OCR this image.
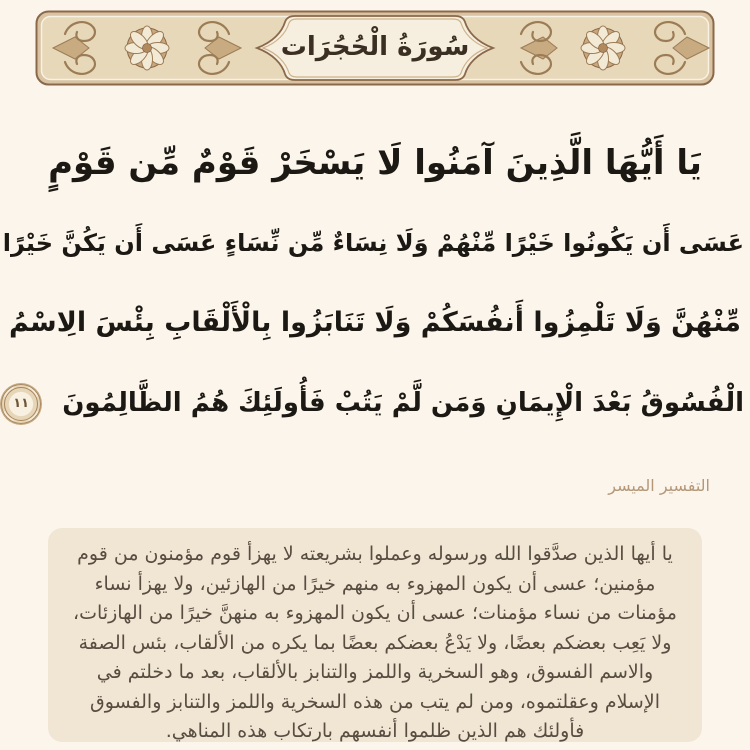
سُورَةُ الْحُجُرَات
يَا أَيُّهَا الَّذِينَ آمَنُوا لَا يَسْخَرْ قَوْمٌ مِّن قَوْمٍ
عَسَى أَن يَكُونُوا خَيْرًا مِّنْهُمْ وَلَا نِسَاءٌ مِّن نِّسَاءٍ عَسَى أَن يَكُنَّ خَيْرًا
مِّنْهُنَّ وَلَا تَلْمِزُوا أَنفُسَكُمْ وَلَا تَنَابَزُوا بِالْأَلْقَابِ بِئْسَ الِاسْمُ
الْفُسُوقُ بَعْدَ الْإِيمَانِ وَمَن لَّمْ يَتُبْ فَأُولَئِكَ هُمُ الظَّالِمُونَ
١١
التفسير الميسر

يا أيها الذين صدَّقوا الله ورسوله وعملوا بشريعته لا يهزأ قوم مؤمنون من قوم مؤمنين؛ عسى أن يكون المهزوء به منهم خيرًا من الهازئين، ولا يهزأ نساء مؤمنات من نساء مؤمنات؛ عسى أن يكون المهزوء به منهنَّ خيرًا من الهازئات، ولا يَعِب بعضكم بعضًا، ولا يَدْعُ بعضكم بعضًا بما يكره من الألقاب، بئس الصفة والاسم الفسوق، وهو السخرية واللمز والتنابز بالألقاب، بعد ما دخلتم في الإسلام وعقلتموه، ومن لم يتب من هذه السخرية واللمز والتنابز والفسوق فأولئك هم الذين ظلموا أنفسهم بارتكاب هذه المناهي.
